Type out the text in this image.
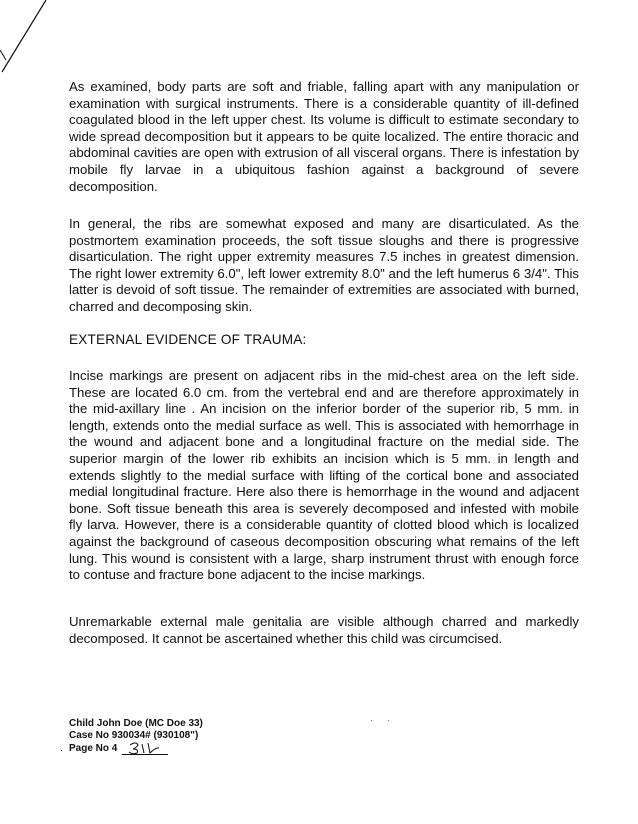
As examined, body parts are soft and friable, falling apart with any manipulation or examination with surgical instruments. There is a considerable quantity of ill-defined coagulated blood in the left upper chest. Its volume is difficult to estimate secondary to wide spread decomposition but it appears to be quite localized. The entire thoracic and abdominal cavities are open with extrusion of all visceral organs. There is infestation by mobile fly larvae in a ubiquitous fashion against a background of severe decomposition.

In general, the ribs are somewhat exposed and many are disarticulated. As the postmortem examination proceeds, the soft tissue sloughs and there is progressive disarticulation. The right upper extremity measures 7.5 inches in greatest dimension. The right lower extremity 6.0", left lower extremity 8.0" and the left humerus 6 3/4". This latter is devoid of soft tissue. The remainder of extremities are associated with burned, charred and decomposing skin.

EXTERNAL EVIDENCE OF TRAUMA:

Incise markings are present on adjacent ribs in the mid-chest area on the left side. These are located 6.0 cm. from the vertebral end and are therefore approximately in the mid-axillary line . An incision on the inferior border of the superior rib, 5 mm. in length, extends onto the medial surface as well. This is associated with hemorrhage in the wound and adjacent bone and a longitudinal fracture on the medial side. The superior margin of the lower rib exhibits an incision which is 5 mm. in length and extends slightly to the medial surface with lifting of the cortical bone and associated medial longitudinal fracture. Here also there is hemorrhage in the wound and adjacent bone. Soft tissue beneath this area is severely decomposed and infested with mobile fly larva. However, there is a considerable quantity of clotted blood which is localized against the background of caseous decomposition obscuring what remains of the left lung. This wound is consistent with a large, sharp instrument thrust with enough force to contuse and fracture bone adjacent to the incise markings.

Unremarkable external male genitalia are visible although charred and markedly decomposed. It cannot be ascertained whether this child was circumcised.

· ·
Child John Doe (MC Doe 33)
Case No 930034# (930108")
Page No 4
·
